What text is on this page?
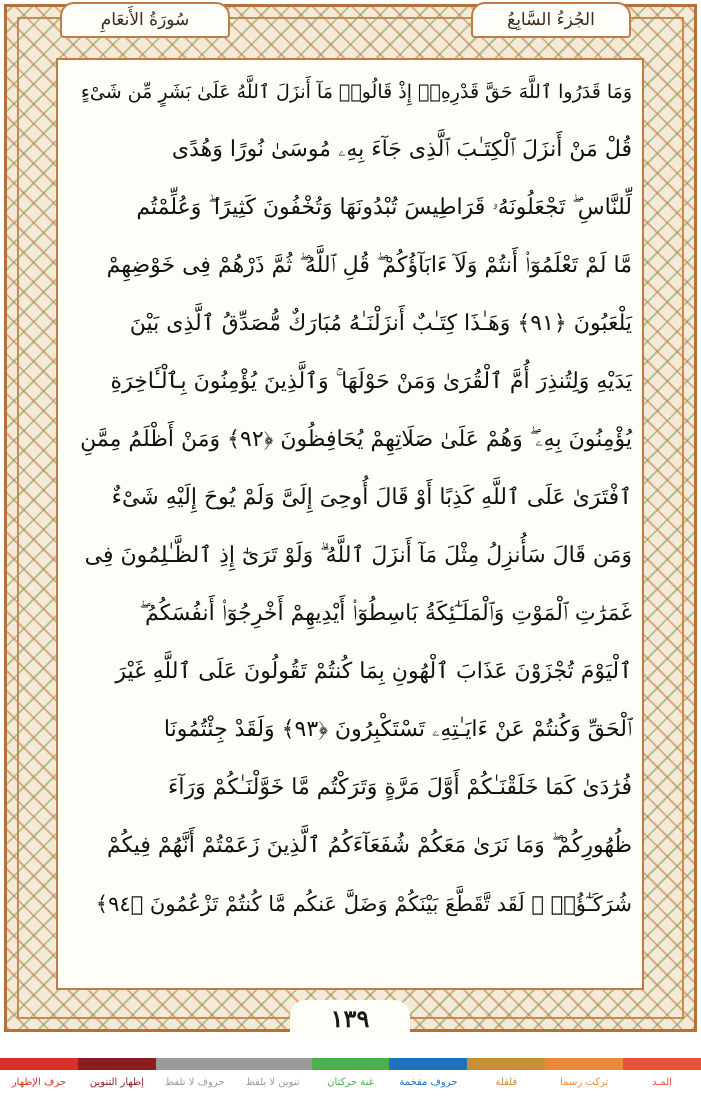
الجُزءُ السَّابِعُ
سُورَةُ الأَنعَامِ
وَمَا قَدَرُوا ٱللَّهَ حَقَّ قَدْرِهِۦٓ إِذْ قَالُوا۟ مَآ أَنزَلَ ٱللَّهُ عَلَىٰ بَشَرٍ مِّن شَىْءٍ
قُلْ مَنْ أَنزَلَ ٱلْكِتَـٰبَ ٱلَّذِى جَآءَ بِهِۦ مُوسَىٰ نُورًا وَهُدًى
لِّلنَّاسِ ۖ تَجْعَلُونَهُۥ قَرَاطِيسَ تُبْدُونَهَا وَتُخْفُونَ كَثِيرًا ۖ وَعُلِّمْتُم
مَّا لَمْ تَعْلَمُوٓا۟ أَنتُمْ وَلَآ ءَابَآؤُكُمْ ۖ قُلِ ٱللَّهُ ۖ ثُمَّ ذَرْهُمْ فِى خَوْضِهِمْ
يَلْعَبُونَ ﴿٩١﴾ وَهَـٰذَا كِتَـٰبٌ أَنزَلْنَـٰهُ مُبَارَكٌ مُّصَدِّقُ ٱلَّذِى بَيْنَ
يَدَيْهِ وَلِتُنذِرَ أُمَّ ٱلْقُرَىٰ وَمَنْ حَوْلَهَا ۚ وَٱلَّذِينَ يُؤْمِنُونَ بِٱلْـَٔاخِرَةِ
يُؤْمِنُونَ بِهِۦ ۖ وَهُمْ عَلَىٰ صَلَاتِهِمْ يُحَافِظُونَ ﴿٩٢﴾ وَمَنْ أَظْلَمُ مِمَّنِ
ٱفْتَرَىٰ عَلَى ٱللَّهِ كَذِبًا أَوْ قَالَ أُوحِىَ إِلَىَّ وَلَمْ يُوحَ إِلَيْهِ شَىْءٌ
وَمَن قَالَ سَأُنزِلُ مِثْلَ مَآ أَنزَلَ ٱللَّهُ ۗ وَلَوْ تَرَىٰٓ إِذِ ٱلظَّـٰلِمُونَ فِى
غَمَرَٰتِ ٱلْمَوْتِ وَٱلْمَلَـٰٓئِكَةُ بَاسِطُوٓا۟ أَيْدِيهِمْ أَخْرِجُوٓا۟ أَنفُسَكُمُ ۖ
ٱلْيَوْمَ تُجْزَوْنَ عَذَابَ ٱلْهُونِ بِمَا كُنتُمْ تَقُولُونَ عَلَى ٱللَّهِ غَيْرَ
ٱلْحَقِّ وَكُنتُمْ عَنْ ءَايَـٰتِهِۦ تَسْتَكْبِرُونَ ﴿٩٣﴾ وَلَقَدْ جِئْتُمُونَا
فُرَٰدَىٰ كَمَا خَلَقْنَـٰكُمْ أَوَّلَ مَرَّةٍ وَتَرَكْتُم مَّا خَوَّلْنَـٰكُمْ وَرَآءَ
ظُهُورِكُمْ ۖ وَمَا نَرَىٰ مَعَكُمْ شُفَعَآءَكُمُ ٱلَّذِينَ زَعَمْتُمْ أَنَّهُمْ فِيكُمْ
شُرَكَـٰٓؤُا۟ ۚ لَقَد تَّقَطَّعَ بَيْنَكُمْ وَضَلَّ عَنكُم مَّا كُنتُمْ تَزْعُمُونَ ﴿٩٤﴾
١٣٩
المـد
تركت رسما
قلقلة
حروف مفخمة
غنة حركتان
تنوين لا يلفظ
حروف لا تلفظ
إظهار التنوين
حرف الإظهار
